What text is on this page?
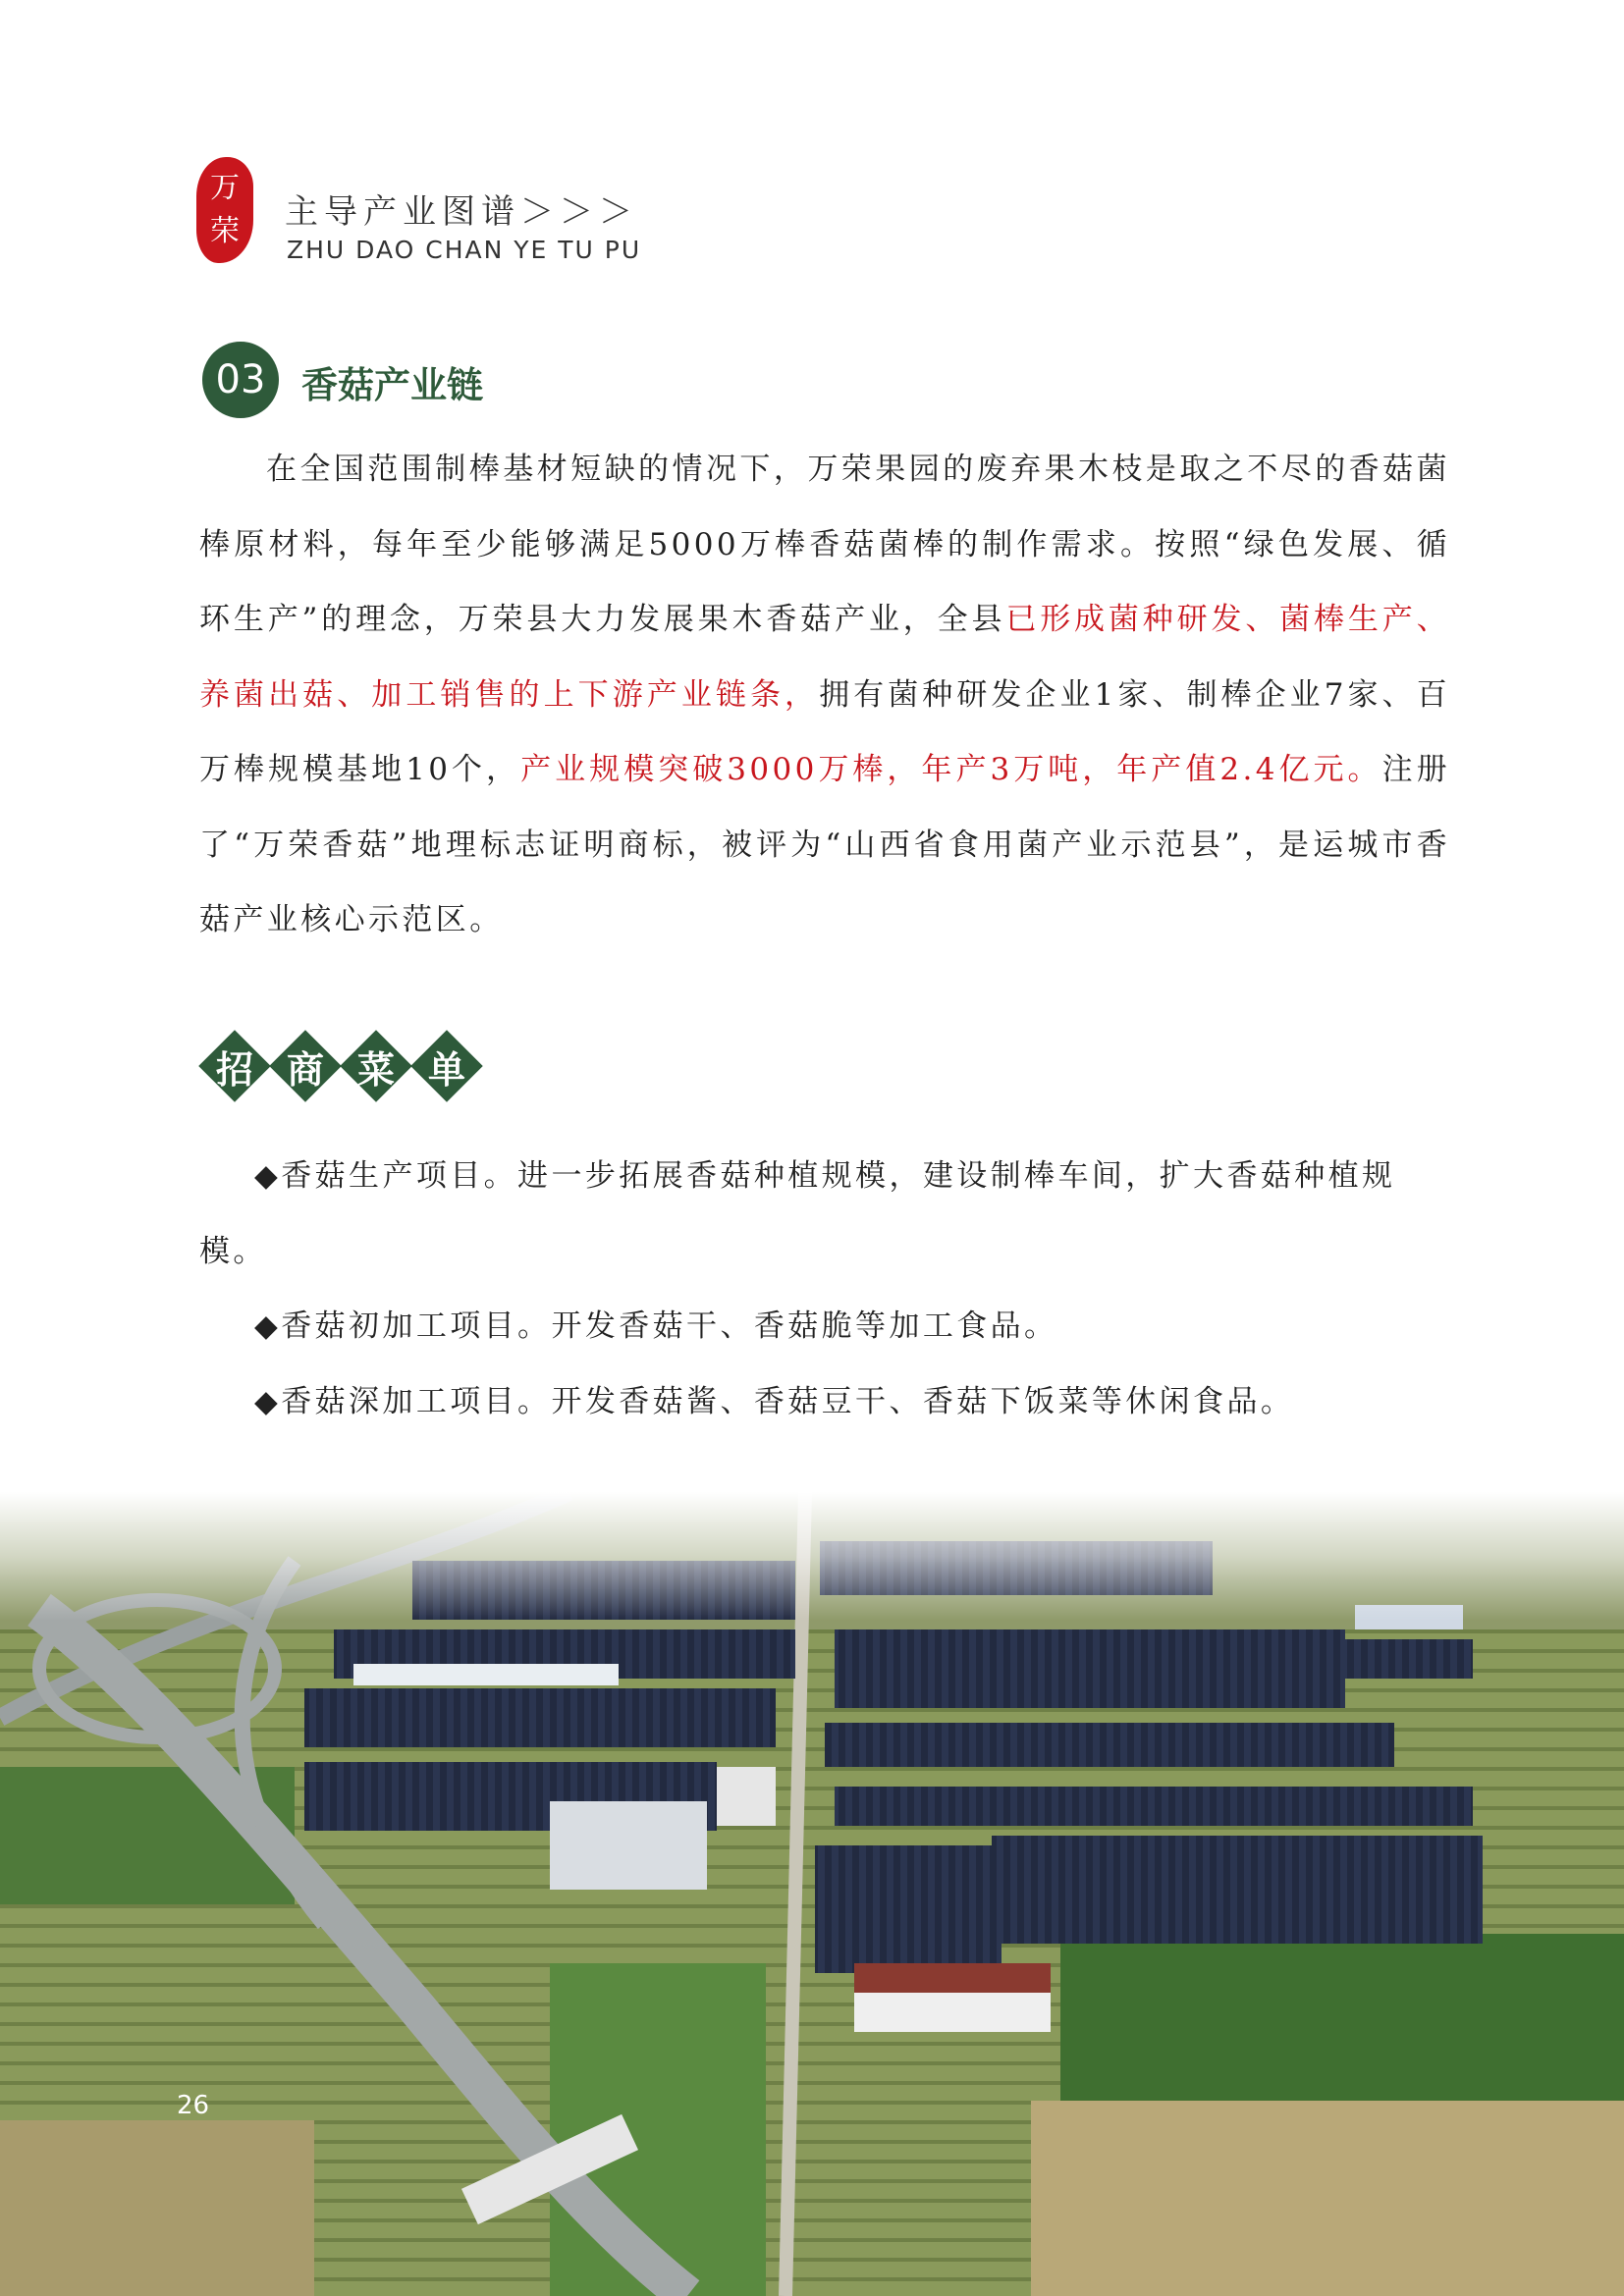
万
荣 主导产业图谱＞＞＞
ZHU DAO CHAN YE TU PU
03 香菇产业链
在全国范围制棒基材短缺的情况下，万荣果园的废弃果木枝是取之不尽的香菇菌棒原材料，每年至少能够满足5000万棒香菇菌棒的制作需求。按照“绿色发展、循环生产”的理念，万荣县大力发展果木香菇产业，全县已形成菌种研发、菌棒生产、养菌出菇、加工销售的上下游产业链条，拥有菌种研发企业1家、制棒企业7家、百万棒规模基地10个，产业规模突破3000万棒，年产3万吨，年产值2.4亿元。注册了“万荣香菇”地理标志证明商标，被评为“山西省食用菌产业示范县”，是运城市香菇产业核心示范区。
招 商 菜 单
◆香菇生产项目。进一步拓展香菇种植规模，建设制棒车间，扩大香菇种植规模。
◆香菇初加工项目。开发香菇干、香菇脆等加工食品。
◆香菇深加工项目。开发香菇酱、香菇豆干、香菇下饭菜等休闲食品。
26
